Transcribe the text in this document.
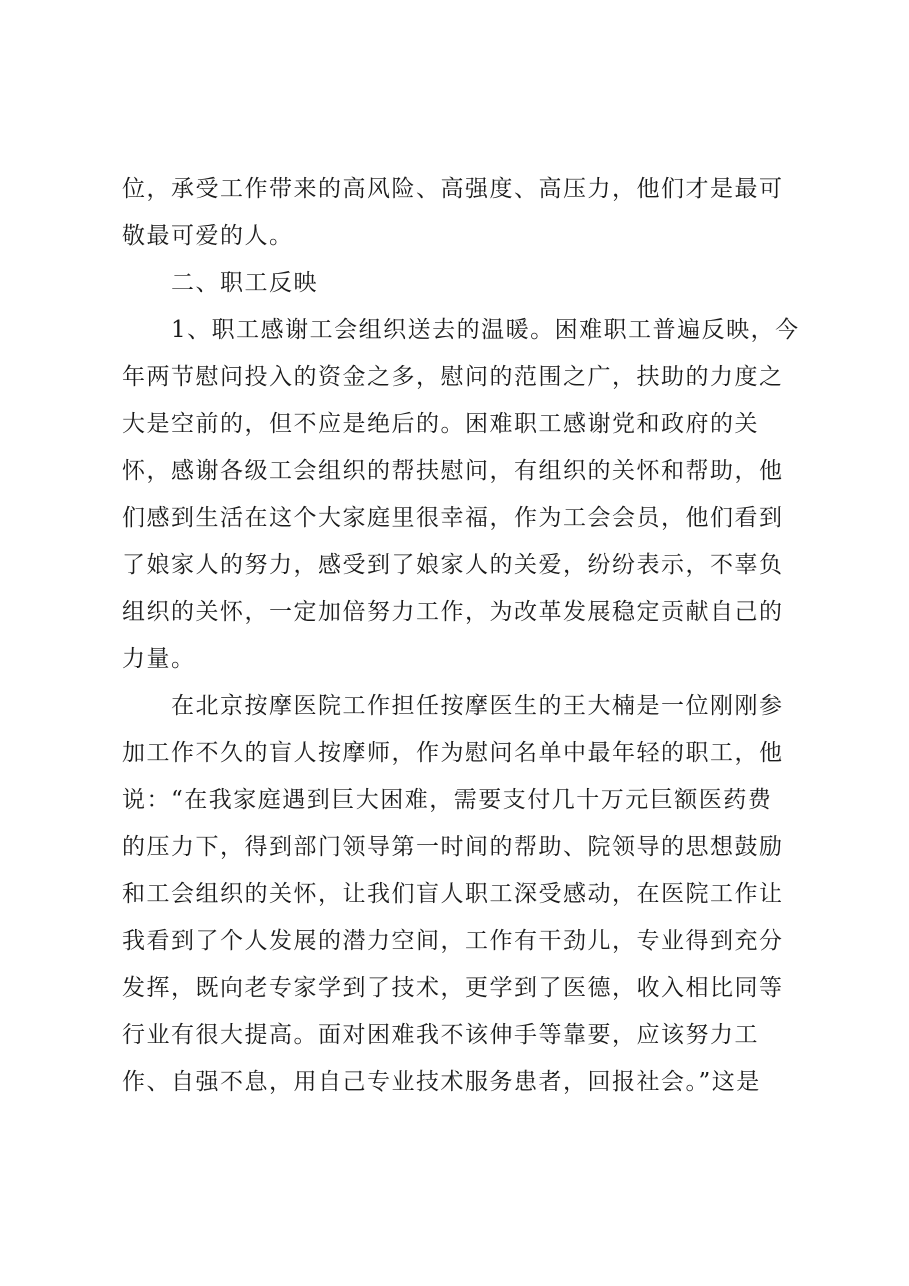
位，承受工作带来的高风险、高强度、高压力，他们才是最可
敬最可爱的人。
二、职工反映
1、职工感谢工会组织送去的温暖。困难职工普遍反映，今
年两节慰问投入的资金之多，慰问的范围之广，扶助的力度之
大是空前的，但不应是绝后的。困难职工感谢党和政府的关
怀，感谢各级工会组织的帮扶慰问，有组织的关怀和帮助，他
们感到生活在这个大家庭里很幸福，作为工会会员，他们看到
了娘家人的努力，感受到了娘家人的关爱，纷纷表示，不辜负
组织的关怀，一定加倍努力工作，为改革发展稳定贡献自己的
力量。
在北京按摩医院工作担任按摩医生的王大楠是一位刚刚参
加工作不久的盲人按摩师，作为慰问名单中最年轻的职工，他
说：“在我家庭遇到巨大困难，需要支付几十万元巨额医药费
的压力下，得到部门领导第一时间的帮助、院领导的思想鼓励
和工会组织的关怀，让我们盲人职工深受感动，在医院工作让
我看到了个人发展的潜力空间，工作有干劲儿，专业得到充分
发挥，既向老专家学到了技术，更学到了医德，收入相比同等
行业有很大提高。面对困难我不该伸手等靠要，应该努力工
作、自强不息，用自己专业技术服务患者，回报社会。”这是
